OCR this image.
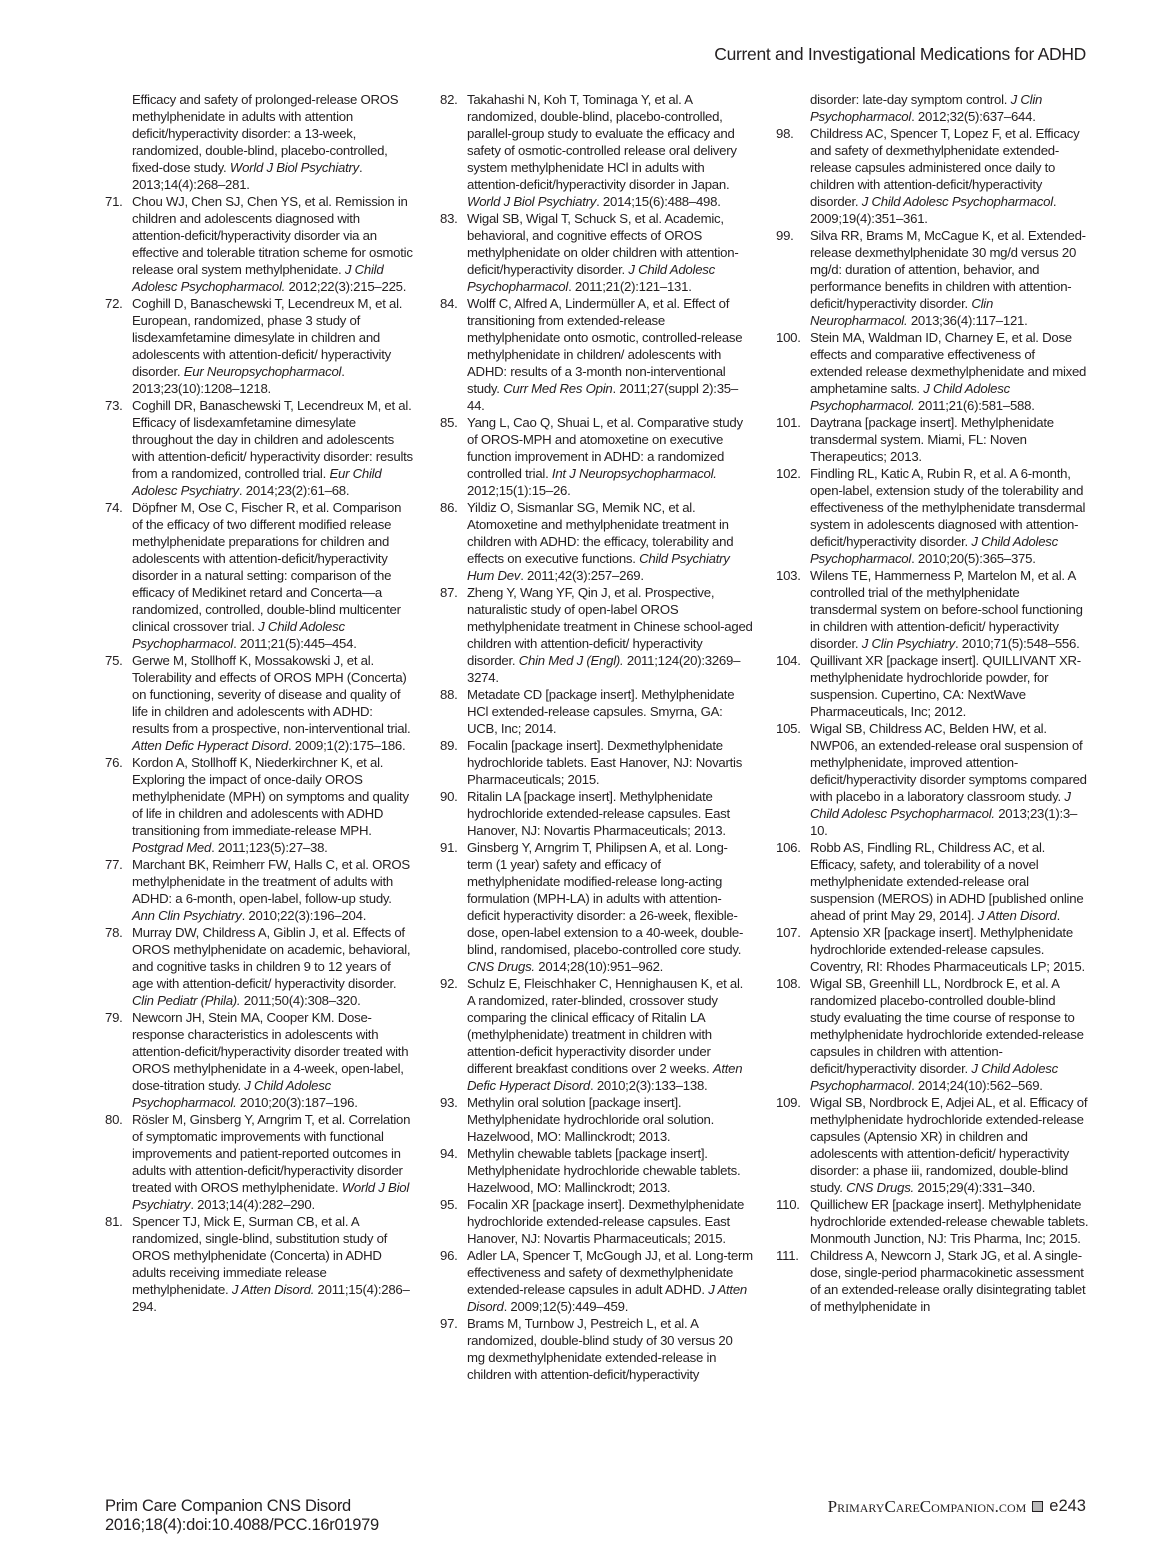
Current and Investigational Medications for ADHD

Efficacy and safety of prolonged-release OROS methylphenidate in adults with attention deficit/hyperactivity disorder: a 13-week, randomized, double-blind, placebo-controlled, fixed-dose study. World J Biol Psychiatry. 2013;14(4):268–281.

71. Chou WJ, Chen SJ, Chen YS, et al. Remission in children and adolescents diagnosed with attention-deficit/hyperactivity disorder via an effective and tolerable titration scheme for osmotic release oral system methylphenidate. J Child Adolesc Psychopharmacol. 2012;22(3):215–225.

72. Coghill D, Banaschewski T, Lecendreux M, et al. European, randomized, phase 3 study of lisdexamfetamine dimesylate in children and adolescents with attention-deficit/ hyperactivity disorder. Eur Neuropsychopharmacol. 2013;23(10):1208–1218.

73. Coghill DR, Banaschewski T, Lecendreux M, et al. Efficacy of lisdexamfetamine dimesylate throughout the day in children and adolescents with attention-deficit/ hyperactivity disorder: results from a randomized, controlled trial. Eur Child Adolesc Psychiatry. 2014;23(2):61–68.

74. Döpfner M, Ose C, Fischer R, et al. Comparison of the efficacy of two different modified release methylphenidate preparations for children and adolescents with attention-deficit/hyperactivity disorder in a natural setting: comparison of the efficacy of Medikinet retard and Concerta—a randomized, controlled, double-blind multicenter clinical crossover trial. J Child Adolesc Psychopharmacol. 2011;21(5):445–454.

75. Gerwe M, Stollhoff K, Mossakowski J, et al. Tolerability and effects of OROS MPH (Concerta) on functioning, severity of disease and quality of life in children and adolescents with ADHD: results from a prospective, non-interventional trial. Atten Defic Hyperact Disord. 2009;1(2):175–186.

76. Kordon A, Stollhoff K, Niederkirchner K, et al. Exploring the impact of once-daily OROS methylphenidate (MPH) on symptoms and quality of life in children and adolescents with ADHD transitioning from immediate-release MPH. Postgrad Med. 2011;123(5):27–38.

77. Marchant BK, Reimherr FW, Halls C, et al. OROS methylphenidate in the treatment of adults with ADHD: a 6-month, open-label, follow-up study. Ann Clin Psychiatry. 2010;22(3):196–204.

78. Murray DW, Childress A, Giblin J, et al. Effects of OROS methylphenidate on academic, behavioral, and cognitive tasks in children 9 to 12 years of age with attention-deficit/ hyperactivity disorder. Clin Pediatr (Phila). 2011;50(4):308–320.

79. Newcorn JH, Stein MA, Cooper KM. Dose-response characteristics in adolescents with attention-deficit/hyperactivity disorder treated with OROS methylphenidate in a 4-week, open-label, dose-titration study. J Child Adolesc Psychopharmacol. 2010;20(3):187–196.

80. Rösler M, Ginsberg Y, Arngrim T, et al. Correlation of symptomatic improvements with functional improvements and patient-reported outcomes in adults with attention-deficit/hyperactivity disorder treated with OROS methylphenidate. World J Biol Psychiatry. 2013;14(4):282–290.

81. Spencer TJ, Mick E, Surman CB, et al. A randomized, single-blind, substitution study of OROS methylphenidate (Concerta) in ADHD adults receiving immediate release methylphenidate. J Atten Disord. 2011;15(4):286–294.

82. Takahashi N, Koh T, Tominaga Y, et al. A randomized, double-blind, placebo-controlled, parallel-group study to evaluate the efficacy and safety of osmotic-controlled release oral delivery system methylphenidate HCl in adults with attention-deficit/hyperactivity disorder in Japan. World J Biol Psychiatry. 2014;15(6):488–498.

83. Wigal SB, Wigal T, Schuck S, et al. Academic, behavioral, and cognitive effects of OROS methylphenidate on older children with attention-deficit/hyperactivity disorder. J Child Adolesc Psychopharmacol. 2011;21(2):121–131.

84. Wolff C, Alfred A, Lindermüller A, et al. Effect of transitioning from extended-release methylphenidate onto osmotic, controlled-release methylphenidate in children/ adolescents with ADHD: results of a 3-month non-interventional study. Curr Med Res Opin. 2011;27(suppl 2):35–44.

85. Yang L, Cao Q, Shuai L, et al. Comparative study of OROS-MPH and atomoxetine on executive function improvement in ADHD: a randomized controlled trial. Int J Neuropsychopharmacol. 2012;15(1):15–26.

86. Yildiz O, Sismanlar SG, Memik NC, et al. Atomoxetine and methylphenidate treatment in children with ADHD: the efficacy, tolerability and effects on executive functions. Child Psychiatry Hum Dev. 2011;42(3):257–269.

87. Zheng Y, Wang YF, Qin J, et al. Prospective, naturalistic study of open-label OROS methylphenidate treatment in Chinese school-aged children with attention-deficit/ hyperactivity disorder. Chin Med J (Engl). 2011;124(20):3269–3274.

88. Metadate CD [package insert]. Methylphenidate HCl extended-release capsules. Smyrna, GA: UCB, Inc; 2014.

89. Focalin [package insert]. Dexmethylphenidate hydrochloride tablets. East Hanover, NJ: Novartis Pharmaceuticals; 2015.

90. Ritalin LA [package insert]. Methylphenidate hydrochloride extended-release capsules. East Hanover, NJ: Novartis Pharmaceuticals; 2013.

91. Ginsberg Y, Arngrim T, Philipsen A, et al. Long-term (1 year) safety and efficacy of methylphenidate modified-release long-acting formulation (MPH-LA) in adults with attention-deficit hyperactivity disorder: a 26-week, flexible-dose, open-label extension to a 40-week, double-blind, randomised, placebo-controlled core study. CNS Drugs. 2014;28(10):951–962.

92. Schulz E, Fleischhaker C, Hennighausen K, et al. A randomized, rater-blinded, crossover study comparing the clinical efficacy of Ritalin LA (methylphenidate) treatment in children with attention-deficit hyperactivity disorder under different breakfast conditions over 2 weeks. Atten Defic Hyperact Disord. 2010;2(3):133–138.

93. Methylin oral solution [package insert]. Methylphenidate hydrochloride oral solution. Hazelwood, MO: Mallinckrodt; 2013.

94. Methylin chewable tablets [package insert]. Methylphenidate hydrochloride chewable tablets. Hazelwood, MO: Mallinckrodt; 2013.

95. Focalin XR [package insert]. Dexmethylphenidate hydrochloride extended-release capsules. East Hanover, NJ: Novartis Pharmaceuticals; 2015.

96. Adler LA, Spencer T, McGough JJ, et al. Long-term effectiveness and safety of dexmethylphenidate extended-release capsules in adult ADHD. J Atten Disord. 2009;12(5):449–459.

97. Brams M, Turnbow J, Pestreich L, et al. A randomized, double-blind study of 30 versus 20 mg dexmethylphenidate extended-release in children with attention-deficit/hyperactivity

disorder: late-day symptom control. J Clin Psychopharmacol. 2012;32(5):637–644.

98. Childress AC, Spencer T, Lopez F, et al. Efficacy and safety of dexmethylphenidate extended-release capsules administered once daily to children with attention-deficit/hyperactivity disorder. J Child Adolesc Psychopharmacol. 2009;19(4):351–361.

99. Silva RR, Brams M, McCague K, et al. Extended-release dexmethylphenidate 30 mg/d versus 20 mg/d: duration of attention, behavior, and performance benefits in children with attention-deficit/hyperactivity disorder. Clin Neuropharmacol. 2013;36(4):117–121.

100. Stein MA, Waldman ID, Charney E, et al. Dose effects and comparative effectiveness of extended release dexmethylphenidate and mixed amphetamine salts. J Child Adolesc Psychopharmacol. 2011;21(6):581–588.

101. Daytrana [package insert]. Methylphenidate transdermal system. Miami, FL: Noven Therapeutics; 2013.

102. Findling RL, Katic A, Rubin R, et al. A 6-month, open-label, extension study of the tolerability and effectiveness of the methylphenidate transdermal system in adolescents diagnosed with attention-deficit/hyperactivity disorder. J Child Adolesc Psychopharmacol. 2010;20(5):365–375.

103. Wilens TE, Hammerness P, Martelon M, et al. A controlled trial of the methylphenidate transdermal system on before-school functioning in children with attention-deficit/ hyperactivity disorder. J Clin Psychiatry. 2010;71(5):548–556.

104. Quillivant XR [package insert]. QUILLIVANT XR- methylphenidate hydrochloride powder, for suspension. Cupertino, CA: NextWave Pharmaceuticals, Inc; 2012.

105. Wigal SB, Childress AC, Belden HW, et al. NWP06, an extended-release oral suspension of methylphenidate, improved attention-deficit/hyperactivity disorder symptoms compared with placebo in a laboratory classroom study. J Child Adolesc Psychopharmacol. 2013;23(1):3–10.

106. Robb AS, Findling RL, Childress AC, et al. Efficacy, safety, and tolerability of a novel methylphenidate extended-release oral suspension (MEROS) in ADHD [published online ahead of print May 29, 2014]. J Atten Disord.

107. Aptensio XR [package insert]. Methylphenidate hydrochloride extended-release capsules. Coventry, RI: Rhodes Pharmaceuticals LP; 2015.

108. Wigal SB, Greenhill LL, Nordbrock E, et al. A randomized placebo-controlled double-blind study evaluating the time course of response to methylphenidate hydrochloride extended-release capsules in children with attention-deficit/hyperactivity disorder. J Child Adolesc Psychopharmacol. 2014;24(10):562–569.

109. Wigal SB, Nordbrock E, Adjei AL, et al. Efficacy of methylphenidate hydrochloride extended-release capsules (Aptensio XR) in children and adolescents with attention-deficit/ hyperactivity disorder: a phase iii, randomized, double-blind study. CNS Drugs. 2015;29(4):331–340.

110. Quillichew ER [package insert]. Methylphenidate hydrochloride extended-release chewable tablets. Monmouth Junction, NJ: Tris Pharma, Inc; 2015.

111. Childress A, Newcorn J, Stark JG, et al. A single-dose, single-period pharmacokinetic assessment of an extended-release orally disintegrating tablet of methylphenidate in

Prim Care Companion CNS Disord
2016;18(4):doi:10.4088/PCC.16r01979
PrimaryCareCompanion.com e243
